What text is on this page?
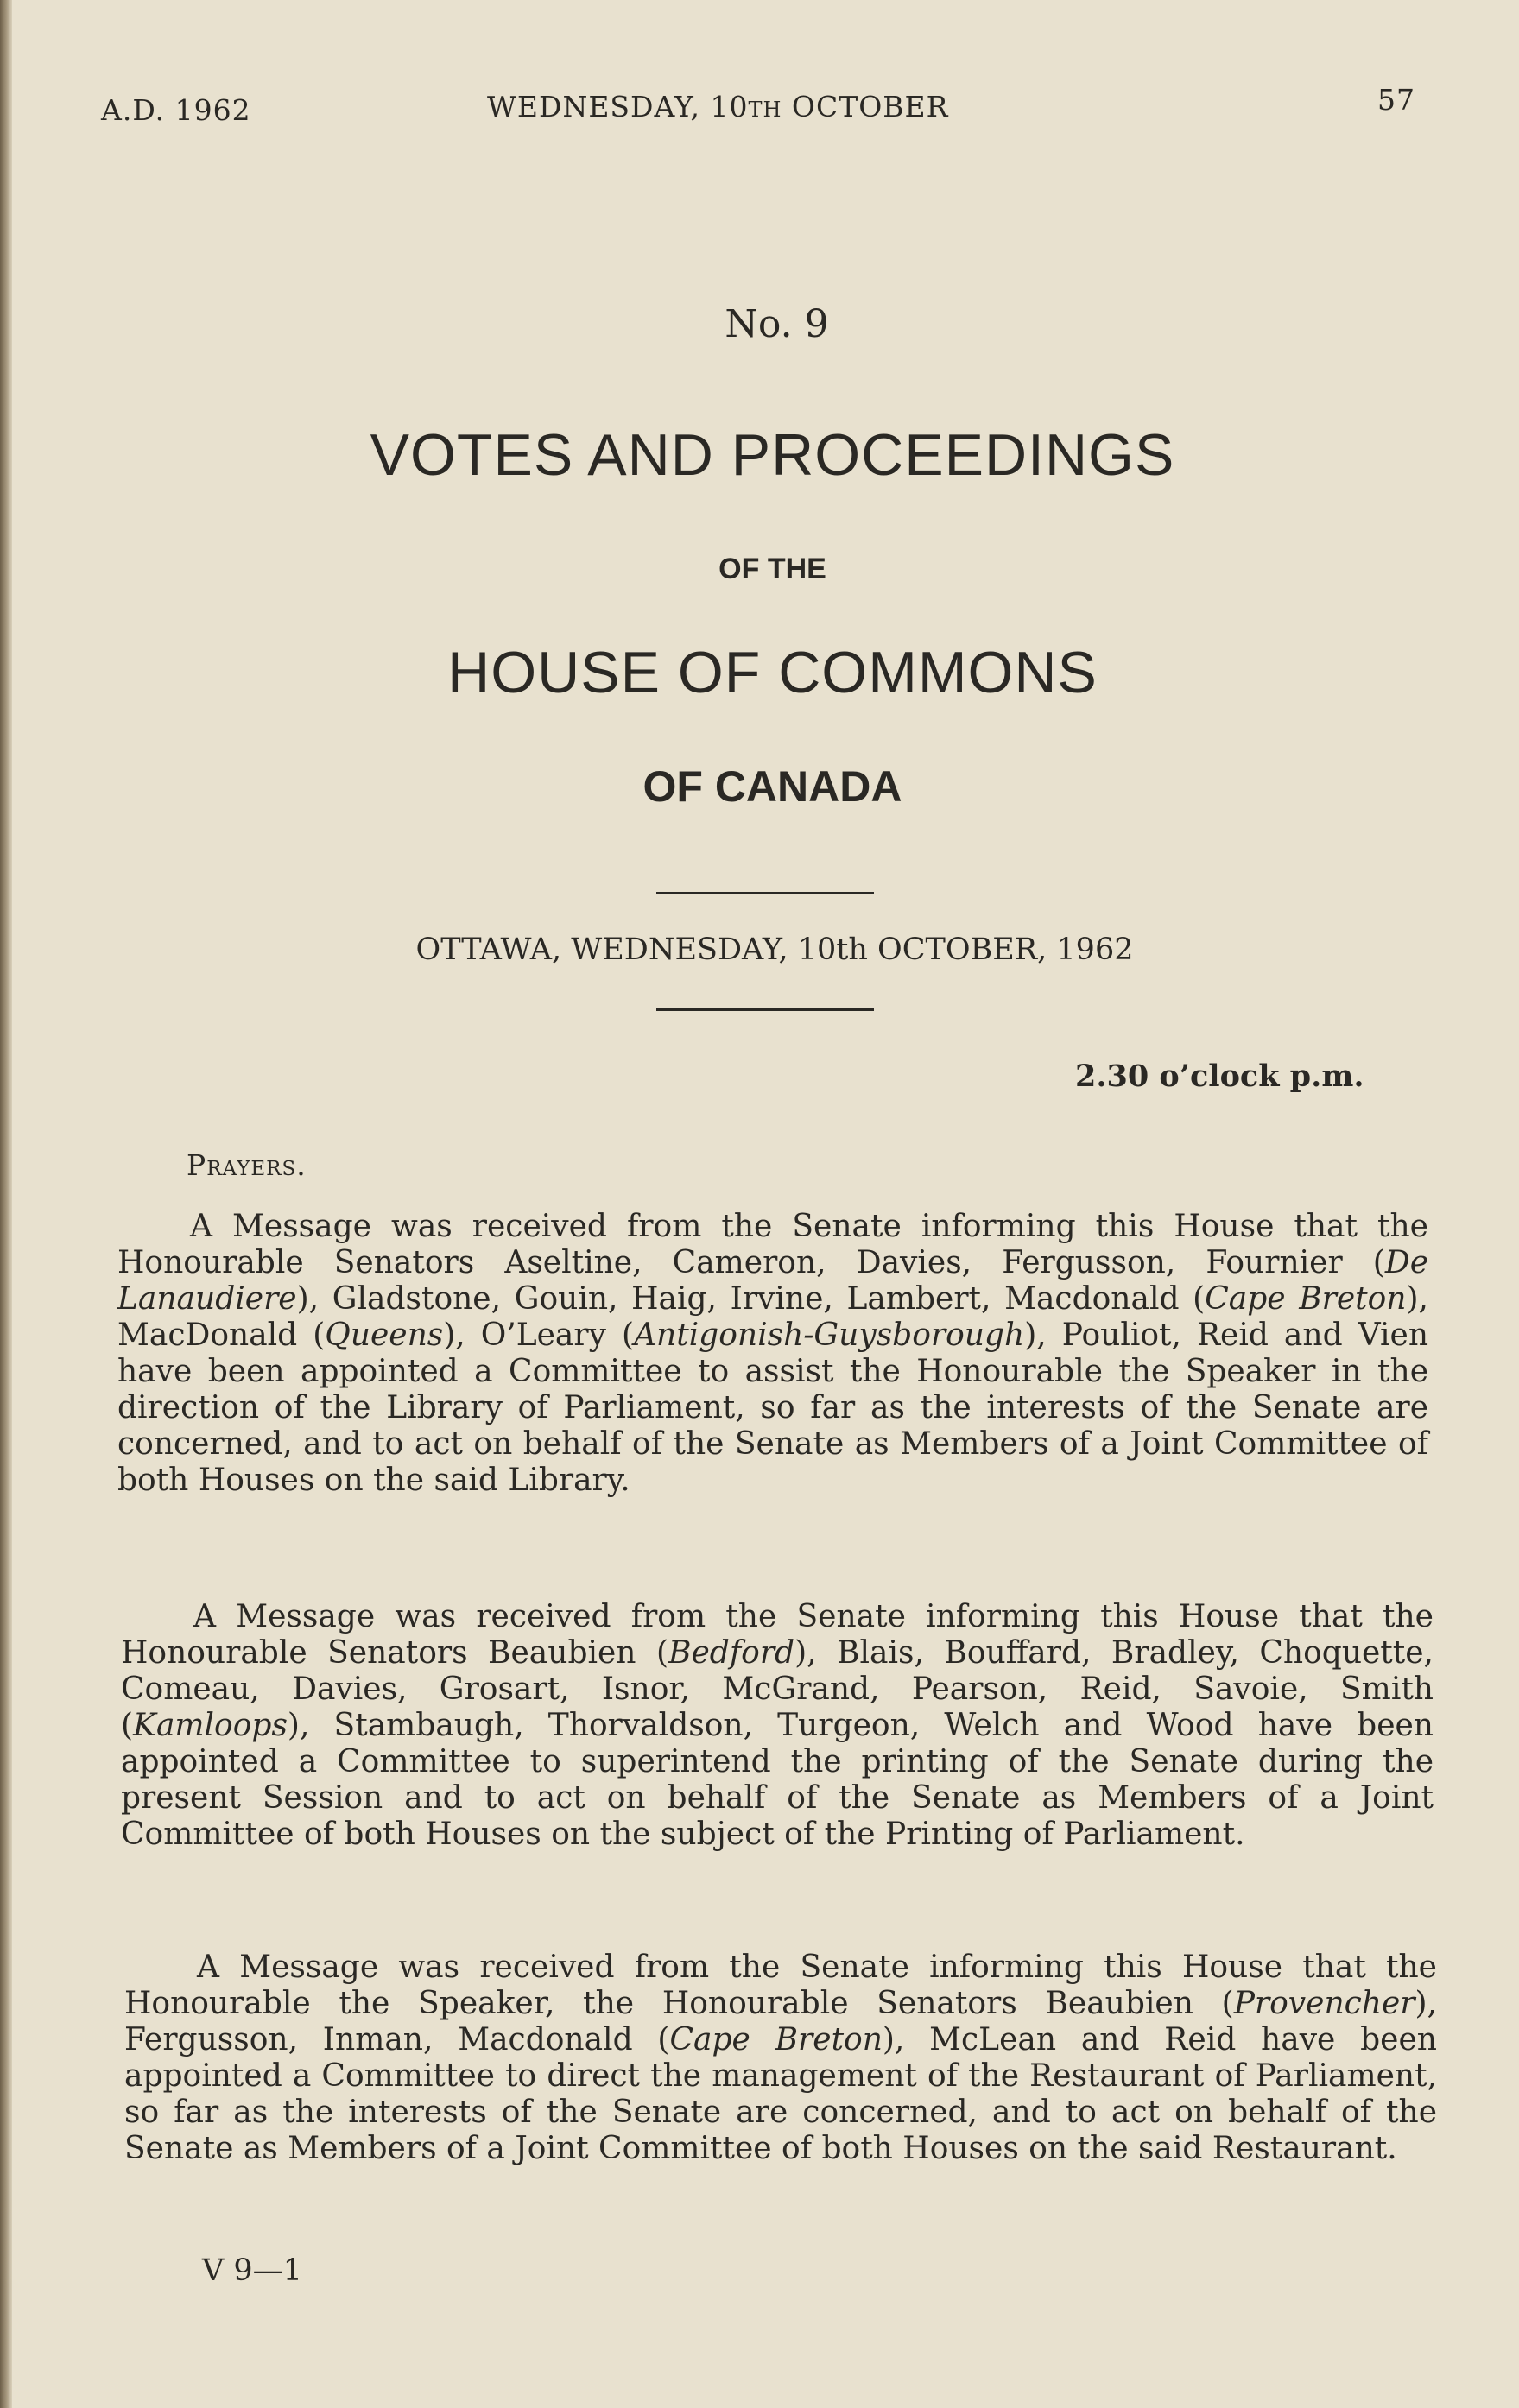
A.D. 1962	WEDNESDAY, 10TH OCTOBER	57
No. 9
VOTES AND PROCEEDINGS
OF THE
HOUSE OF COMMONS
OF CANADA
OTTAWA, WEDNESDAY, 10th OCTOBER, 1962
2.30 o’clock p.m.
Prayers.

A Message was received from the Senate informing this House that the Honourable Senators Aseltine, Cameron, Davies, Fergusson, Fournier (De Lanaudiere), Gladstone, Gouin, Haig, Irvine, Lambert, Macdonald (Cape Breton), MacDonald (Queens), O’Leary (Antigonish-Guysborough), Pouliot, Reid and Vien have been appointed a Committee to assist the Honourable the Speaker in the direction of the Library of Parliament, so far as the interests of the Senate are concerned, and to act on behalf of the Senate as Members of a Joint Committee of both Houses on the said Library.

A Message was received from the Senate informing this House that the Honourable Senators Beaubien (Bedford), Blais, Bouffard, Bradley, Choquette, Comeau, Davies, Grosart, Isnor, McGrand, Pearson, Reid, Savoie, Smith (Kamloops), Stambaugh, Thorvaldson, Turgeon, Welch and Wood have been appointed a Committee to superintend the printing of the Senate during the present Session and to act on behalf of the Senate as Members of a Joint Committee of both Houses on the subject of the Printing of Parliament.

A Message was received from the Senate informing this House that the Honourable the Speaker, the Honourable Senators Beaubien (Provencher), Fergusson, Inman, Macdonald (Cape Breton), McLean and Reid have been appointed a Committee to direct the management of the Restaurant of Parliament, so far as the interests of the Senate are concerned, and to act on behalf of the Senate as Members of a Joint Committee of both Houses on the said Restaurant.

V 9—1
